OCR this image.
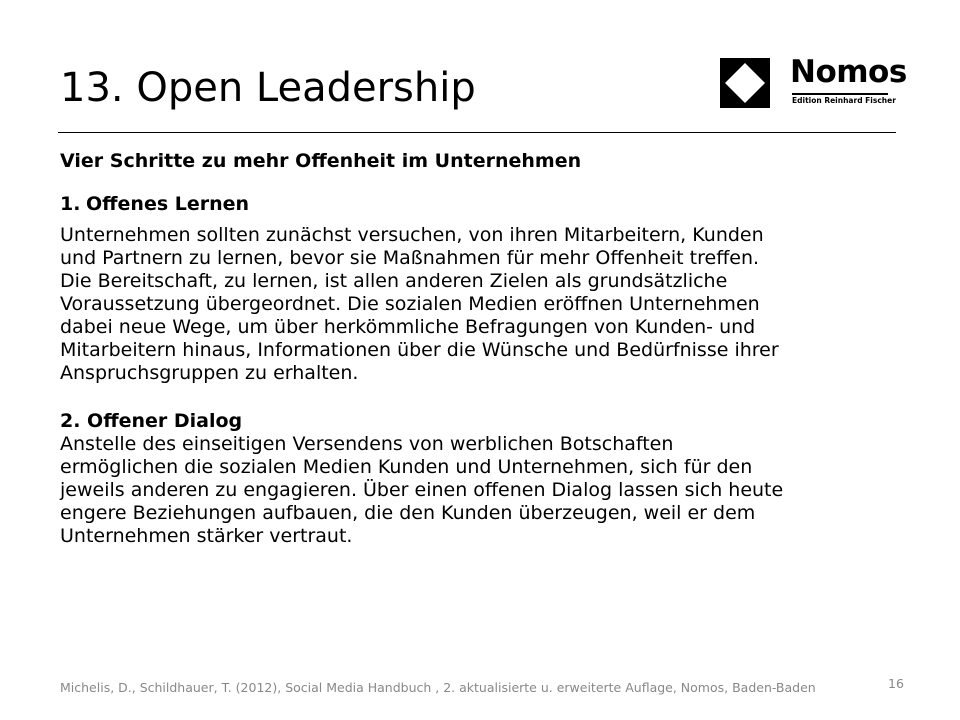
13. Open Leadership	Nomos
Edition Reinhard Fischer

Vier Schritte zu mehr Offenheit im Unternehmen

1. Offenes Lernen

Unternehmen sollten zunächst versuchen, von ihren Mitarbeitern, Kunden
und Partnern zu lernen, bevor sie Maßnahmen für mehr Offenheit treffen.
Die Bereitschaft, zu lernen, ist allen anderen Zielen als grundsätzliche
Voraussetzung übergeordnet. Die sozialen Medien eröffnen Unternehmen
dabei neue Wege, um über herkömmliche Befragungen von Kunden- und
Mitarbeitern hinaus, Informationen über die Wünsche und Bedürfnisse ihrer
Anspruchsgruppen zu erhalten.

2. Offener Dialog

Anstelle des einseitigen Versendens von werblichen Botschaften
ermöglichen die sozialen Medien Kunden und Unternehmen, sich für den
jeweils anderen zu engagieren. Über einen offenen Dialog lassen sich heute
engere Beziehungen aufbauen, die den Kunden überzeugen, weil er dem
Unternehmen stärker vertraut.

Michelis, D., Schildhauer, T. (2012), Social Media Handbuch , 2. aktualisierte u. erweiterte Auflage, Nomos, Baden-Baden	16
